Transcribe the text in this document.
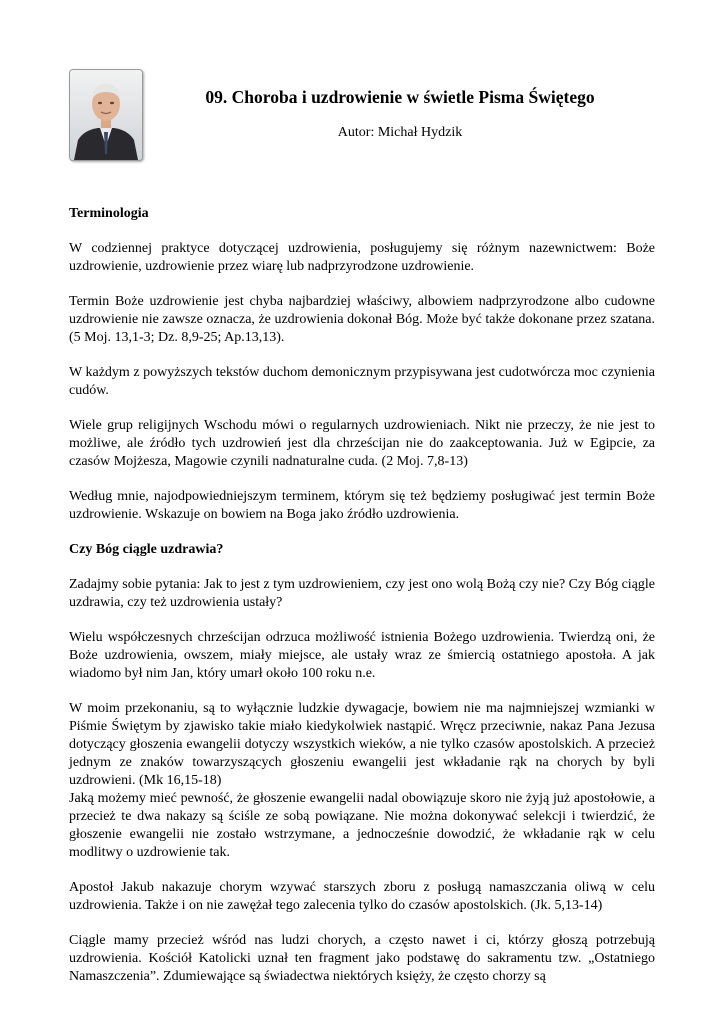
09. Choroba i uzdrowienie w świetle Pisma Świętego
Autor: Michał Hydzik
Terminologia

W codziennej praktyce dotyczącej uzdrowienia, posługujemy się różnym nazewnictwem: Boże uzdrowienie, uzdrowienie przez wiarę lub nadprzyrodzone uzdrowienie.

Termin Boże uzdrowienie jest chyba najbardziej właściwy, albowiem nadprzyrodzone albo cudowne uzdrowienie nie zawsze oznacza, że uzdrowienia dokonał Bóg. Może być także dokonane przez szatana. (5 Moj. 13,1-3; Dz. 8,9-25; Ap.13,13).

W każdym z powyższych tekstów duchom demonicznym przypisywana jest cudotwórcza moc czynienia cudów.

Wiele grup religijnych Wschodu mówi o regularnych uzdrowieniach. Nikt nie przeczy, że nie jest to możliwe, ale źródło tych uzdrowień jest dla chrześcijan nie do zaakceptowania. Już w Egipcie, za czasów Mojżesza, Magowie czynili nadnaturalne cuda. (2 Moj. 7,8-13)

Według mnie, najodpowiedniejszym terminem, którym się też będziemy posługiwać jest termin Boże uzdrowienie. Wskazuje on bowiem na Boga jako źródło uzdrowienia.

Czy Bóg ciągle uzdrawia?

Zadajmy sobie pytania: Jak to jest z tym uzdrowieniem, czy jest ono wolą Bożą czy nie? Czy Bóg ciągle uzdrawia, czy też uzdrowienia ustały?

Wielu współczesnych chrześcijan odrzuca możliwość istnienia Bożego uzdrowienia. Twierdzą oni, że Boże uzdrowienia, owszem, miały miejsce, ale ustały wraz ze śmiercią ostatniego apostoła. A jak wiadomo był nim Jan, który umarł około 100 roku n.e.

W moim przekonaniu, są to wyłącznie ludzkie dywagacje, bowiem nie ma najmniejszej wzmianki w Piśmie Świętym by zjawisko takie miało kiedykolwiek nastąpić. Wręcz przeciwnie, nakaz Pana Jezusa dotyczący głoszenia ewangelii dotyczy wszystkich wieków, a nie tylko czasów apostolskich. A przecież jednym ze znaków towarzyszących głoszeniu ewangelii jest wkładanie rąk na chorych by byli uzdrowieni. (Mk 16,15-18)

Jaką możemy mieć pewność, że głoszenie ewangelii nadal obowiązuje skoro nie żyją już apostołowie, a przecież te dwa nakazy są ściśle ze sobą powiązane. Nie można dokonywać selekcji i twierdzić, że głoszenie ewangelii nie zostało wstrzymane, a jednocześnie dowodzić, że wkładanie rąk w celu modlitwy o uzdrowienie tak.

Apostoł Jakub nakazuje chorym wzywać starszych zboru z posługą namaszczania oliwą w celu uzdrowienia. Także i on nie zawężał tego zalecenia tylko do czasów apostolskich. (Jk. 5,13-14)

Ciągle mamy przecież wśród nas ludzi chorych, a często nawet i ci, którzy głoszą potrzebują uzdrowienia. Kościół Katolicki uznał ten fragment jako podstawę do sakramentu tzw. „Ostatniego Namaszczenia”. Zdumiewające są świadectwa niektórych księży, że często chorzy są
